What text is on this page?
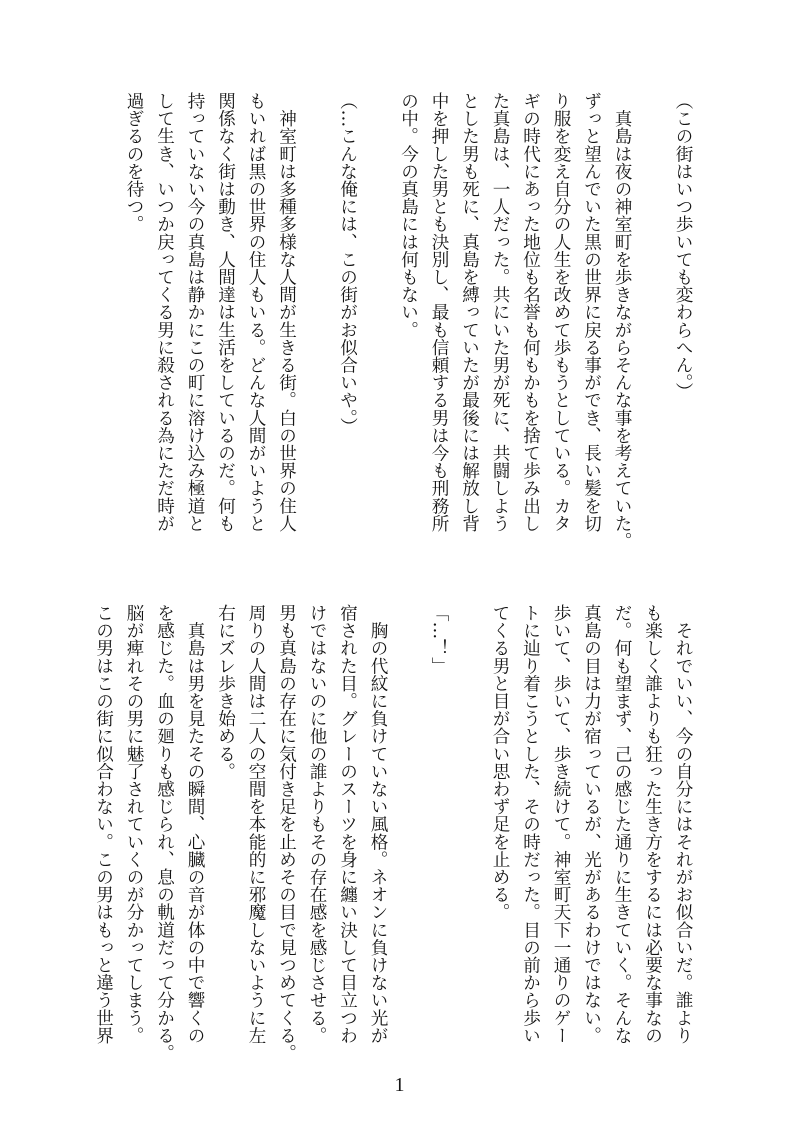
（この街はいつ歩いても変わらへん。）
　真島は夜の神室町を歩きながらそんな事を考えていた。
ずっと望んでいた黒の世界に戻る事ができ、長い髪を切
り服を変え自分の人生を改めて歩もうとしている。カタ
ギの時代にあった地位も名誉も何もかもを捨て歩み出し
た真島は、一人だった。共にいた男が死に、共闘しよう
とした男も死に、真島を縛っていたが最後には解放し背
中を押した男とも決別し、最も信頼する男は今も刑務所
の中。今の真島には何もない。
（…こんな俺には、この街がお似合いや。）
　神室町は多種多様な人間が生きる街。白の世界の住人
もいれば黒の世界の住人もいる。どんな人間がいようと
関係なく街は動き、人間達は生活をしているのだ。何も
持っていない今の真島は静かにこの町に溶け込み極道と
して生き、いつか戻ってくる男に殺される為にただ時が
過ぎるのを待つ。
　それでいい、今の自分にはそれがお似合いだ。誰より
も楽しく誰よりも狂った生き方をするには必要な事なの
だ。何も望まず、己の感じた通りに生きていく。そんな
真島の目は力が宿っているが、光があるわけではない。
歩いて、歩いて、歩き続けて。神室町天下一通りのゲー
トに辿り着こうとした、その時だった。目の前から歩い
てくる男と目が合い思わず足を止める。
「…！」
　胸の代紋に負けていない風格。ネオンに負けない光が
宿された目。グレーのスーツを身に纏い決して目立つわ
けではないのに他の誰よりもその存在感を感じさせる。
男も真島の存在に気付き足を止めその目で見つめてくる。
周りの人間は二人の空間を本能的に邪魔しないように左
右にズレ歩き始める。
　真島は男を見たその瞬間、心臓の音が体の中で響くの
を感じた。血の廻りも感じられ、息の軌道だって分かる。
脳が痺れその男に魅了されていくのが分かってしまう。
この男はこの街に似合わない。この男はもっと違う世界
1
